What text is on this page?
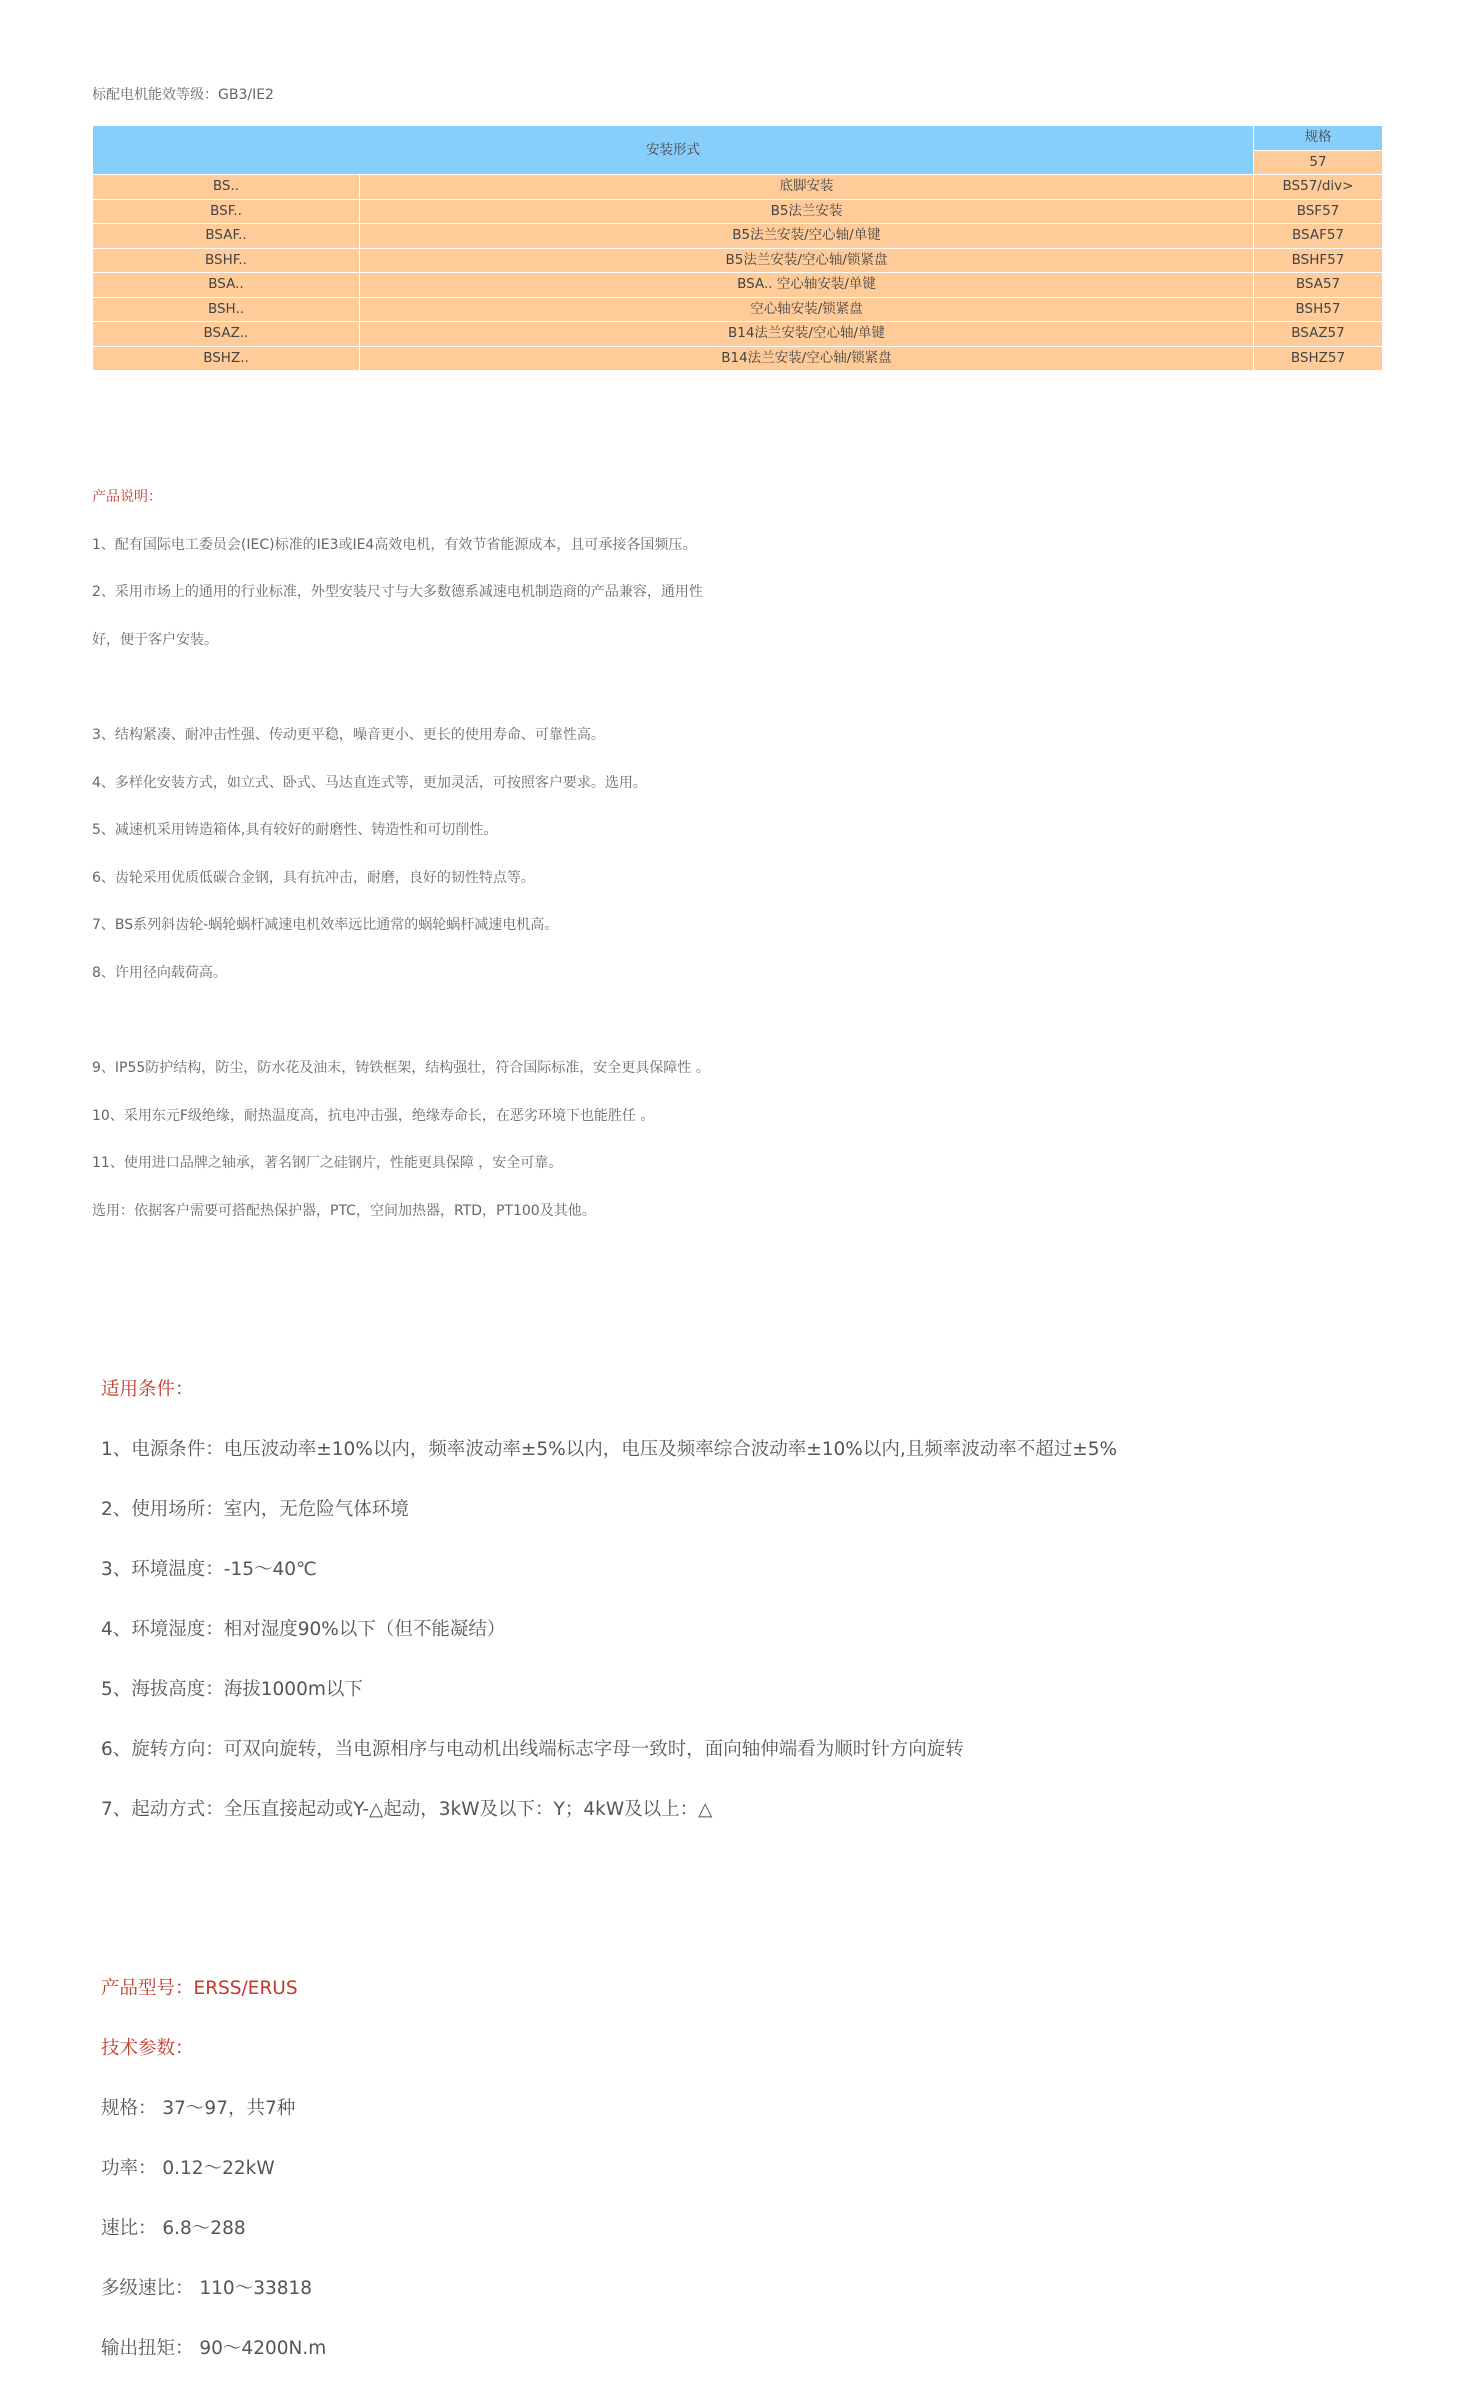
标配电机能效等级：GB3/IE2
安装形式		规格
		57
BS..	底脚安装	BS57/div>
BSF..	B5法兰安装	BSF57
BSAF..	B5法兰安装/空心轴/单键	BSAF57
BSHF..	B5法兰安装/空心轴/锁紧盘	BSHF57
BSA..	BSA.. 空心轴安装/单键	BSA57
BSH..	空心轴安装/锁紧盘	BSH57
BSAZ..	B14法兰安装/空心轴/单键	BSAZ57
BSHZ..	B14法兰安装/空心轴/锁紧盘	BSHZ57

产品说明：

1、配有国际电工委员会(IEC)标准的IE3或IE4高效电机，有效节省能源成本，且可承接各国频压。

2、采用市场上的通用的行业标准，外型安装尺寸与大多数德系减速电机制造商的产品兼容，通用性

好，便于客户安装。

3、结构紧凑、耐冲击性强、传动更平稳，噪音更小、更长的使用寿命、可靠性高。

4、多样化安装方式，如立式、卧式、马达直连式等，更加灵活，可按照客户要求。选用。

5、减速机采用铸造箱体,具有较好的耐磨性、铸造性和可切削性。

6、齿轮采用优质低碳合金钢，具有抗冲击，耐磨，良好的韧性特点等。

7、BS系列斜齿轮-蜗轮蜗杆减速电机效率远比通常的蜗轮蜗杆减速电机高。

8、许用径向载荷高。

9、IP55防护结构，防尘，防水花及油末，铸铁框架，结构强壮，符合国际标准，安全更具保障性 。

10、采用东元F级绝缘，耐热温度高，抗电冲击强，绝缘寿命长，在恶劣环境下也能胜任 。

11、使用进口品牌之轴承，著名钢厂之硅钢片，性能更具保障 ，安全可靠。

选用：依据客户需要可搭配热保护器，PTC，空间加热器，RTD，PT100及其他。

适用条件：

1、电源条件：电压波动率±10%以内，频率波动率±5%以内，电压及频率综合波动率±10%以内,且频率波动率不超过±5%

2、使用场所：室内，无危险气体环境

3、环境温度：-15～40℃

4、环境湿度：相对湿度90%以下（但不能凝结）

5、海拔高度：海拔1000m以下

6、旋转方向：可双向旋转，当电源相序与电动机出线端标志字母一致时，面向轴伸端看为顺时针方向旋转

7、起动方式：全压直接起动或Y-△起动，3kW及以下：Y；4kW及以上：△

产品型号：ERSS/ERUS

技术参数：

规格： 37～97，共7种

功率： 0.12～22kW

速比： 6.8～288

多级速比： 110～33818

输出扭矩： 90～4200N.m
